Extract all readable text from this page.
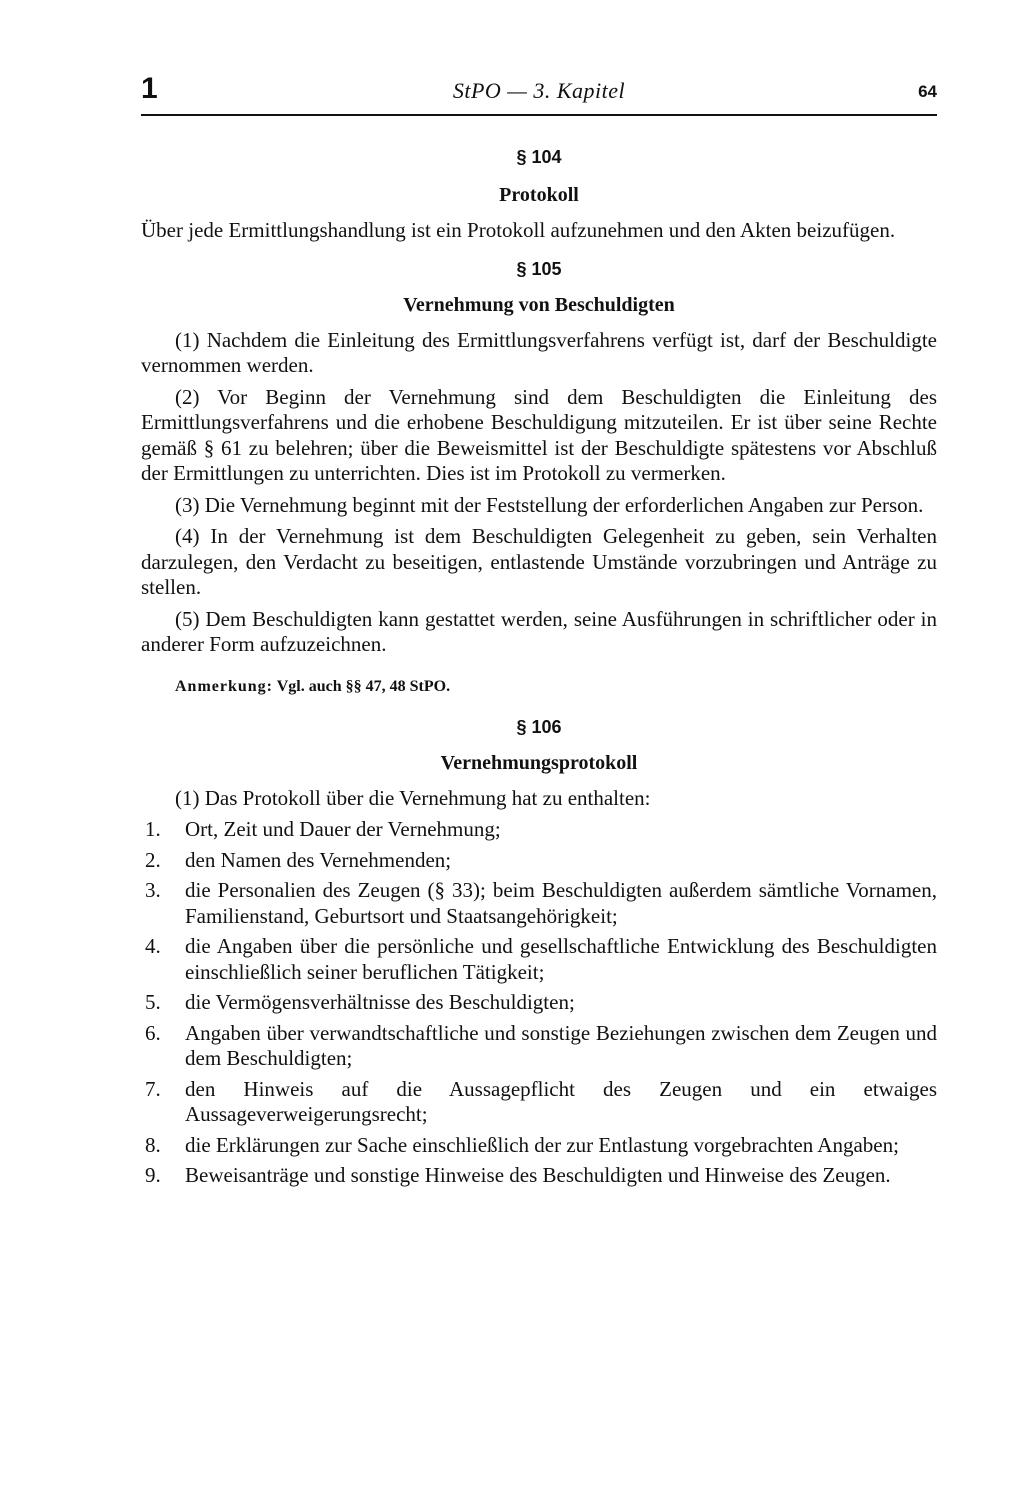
1	StPO — 3. Kapitel	64
§ 104
Protokoll

Über jede Ermittlungshandlung ist ein Protokoll aufzunehmen und den Akten beizufügen.

§ 105
Vernehmung von Beschuldigten

(1) Nachdem die Einleitung des Ermittlungsverfahrens verfügt ist, darf der Beschuldigte vernommen werden.

(2) Vor Beginn der Vernehmung sind dem Beschuldigten die Einleitung des Ermittlungsverfahrens und die erhobene Beschuldigung mitzuteilen. Er ist über seine Rechte gemäß § 61 zu belehren; über die Beweismittel ist der Beschuldigte spätestens vor Abschluß der Ermittlungen zu unterrichten. Dies ist im Protokoll zu vermerken.

(3) Die Vernehmung beginnt mit der Feststellung der erforderlichen Angaben zur Person.

(4) In der Vernehmung ist dem Beschuldigten Gelegenheit zu geben, sein Verhalten darzulegen, den Verdacht zu beseitigen, entlastende Umstände vorzubringen und Anträge zu stellen.

(5) Dem Beschuldigten kann gestattet werden, seine Ausführungen in schriftlicher oder in anderer Form aufzuzeichnen.

Anmerkung: Vgl. auch §§ 47, 48 StPO.

§ 106
Vernehmungsprotokoll

(1) Das Protokoll über die Vernehmung hat zu enthalten:

1.	Ort, Zeit und Dauer der Vernehmung;
2.	den Namen des Vernehmenden;
3.	die Personalien des Zeugen (§ 33); beim Beschuldigten außerdem sämtliche Vornamen, Familienstand, Geburtsort und Staatsangehörigkeit;
4.	die Angaben über die persönliche und gesellschaftliche Entwicklung des Beschuldigten einschließlich seiner beruflichen Tätigkeit;
5.	die Vermögensverhältnisse des Beschuldigten;
6.	Angaben über verwandtschaftliche und sonstige Beziehungen zwischen dem Zeugen und dem Beschuldigten;
7.	den Hinweis auf die Aussagepflicht des Zeugen und ein etwaiges Aussageverweigerungsrecht;
8.	die Erklärungen zur Sache einschließlich der zur Entlastung vorgebrachten Angaben;
9.	Beweisanträge und sonstige Hinweise des Beschuldigten und Hinweise des Zeugen.
